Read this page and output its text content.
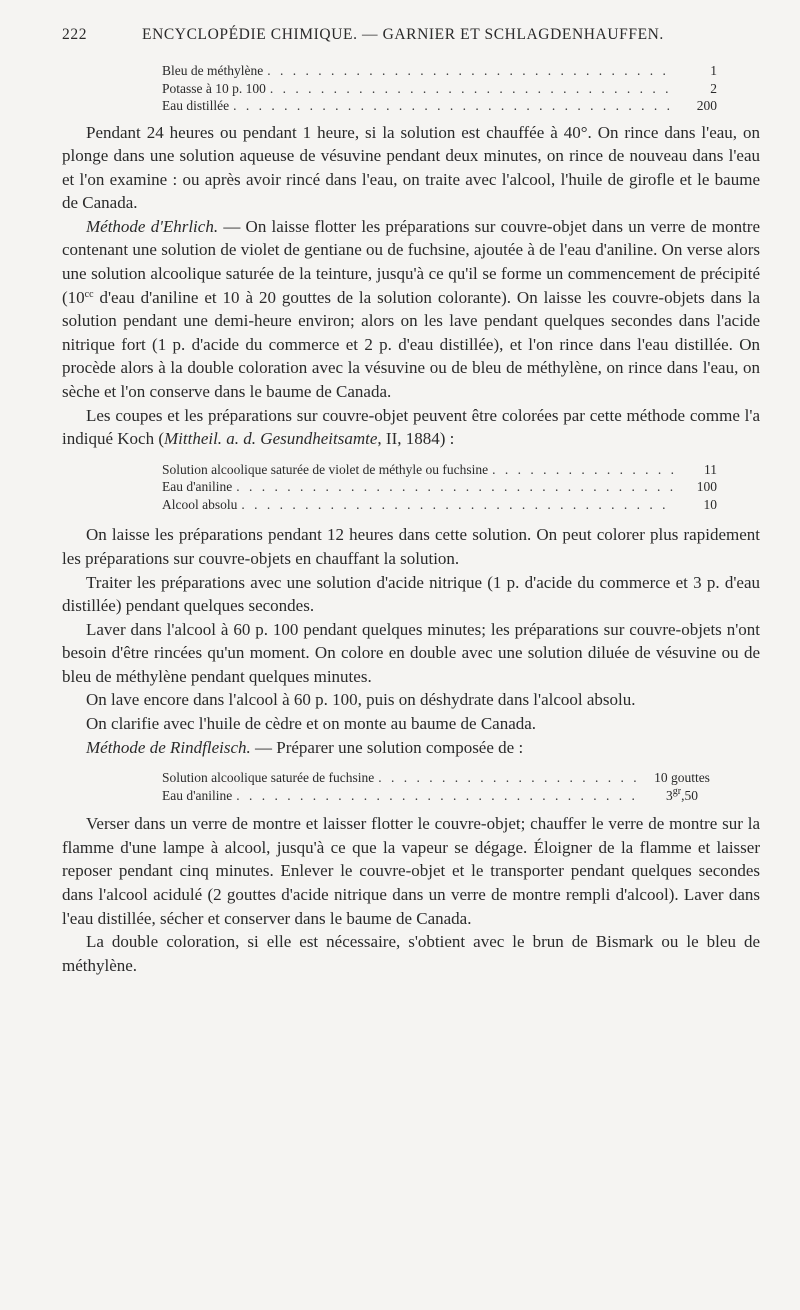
222	ENCYCLOPÉDIE CHIMIQUE. — GARNIER ET SCHLAGDENHAUFFEN.
Bleu de méthylène . . .	1
Potasse à 10 p. 100 . . .	2
Eau distillée . . .	200

Pendant 24 heures ou pendant 1 heure, si la solution est chauffée à 40°. On rince dans l'eau, on plonge dans une solution aqueuse de vésuvine pendant deux minutes, on rince de nouveau dans l'eau et l'on examine : ou après avoir rincé dans l'eau, on traite avec l'alcool, l'huile de girofle et le baume de Canada.

Méthode d'Ehrlich. — On laisse flotter les préparations sur couvre-objet dans un verre de montre contenant une solution de violet de gentiane ou de fuchsine, ajoutée à de l'eau d'aniline. On verse alors une solution alcoolique saturée de la teinture, jusqu'à ce qu'il se forme un commencement de précipité ($10^{cc}$ d'eau d'aniline et 10 à 20 gouttes de la solution colorante). On laisse les couvre-objets dans la solution pendant une demi-heure environ; alors on les lave pendant quelques secondes dans l'acide nitrique fort (1 p. d'acide du commerce et 2 p. d'eau distillée), et l'on rince dans l'eau distillée. On procède alors à la double coloration avec la vésuvine ou de bleu de méthylène, on rince dans l'eau, on sèche et l'on conserve dans le baume de Canada.

Les coupes et les préparations sur couvre-objet peuvent être colorées par cette méthode comme l'a indiqué Koch (Mittheil. a. d. Gesundheitsamte, II, 1884) :

Solution alcoolique saturée de violet de méthyle ou fuchsine . . .	11
Eau d'aniline . . .	100
Alcool absolu . . .	10

On laisse les préparations pendant 12 heures dans cette solution. On peut colorer plus rapidement les préparations sur couvre-objets en chauffant la solution.

Traiter les préparations avec une solution d'acide nitrique (1 p. d'acide du commerce et 3 p. d'eau distillée) pendant quelques secondes.

Laver dans l'alcool à 60 p. 100 pendant quelques minutes; les préparations sur couvre-objets n'ont besoin d'être rincées qu'un moment. On colore en double avec une solution diluée de vésuvine ou de bleu de méthylène pendant quelques minutes.

On lave encore dans l'alcool à 60 p. 100, puis on déshydrate dans l'alcool absolu.

On clarifie avec l'huile de cèdre et on monte au baume de Canada.

Méthode de Rindfleisch. — Préparer une solution composée de :

Solution alcoolique saturée de fuchsine . . .	10 gouttes
Eau d'aniline . . .	$3^{gr},50$

Verser dans un verre de montre et laisser flotter le couvre-objet; chauffer le verre de montre sur la flamme d'une lampe à alcool, jusqu'à ce que la vapeur se dégage. Éloigner de la flamme et laisser reposer pendant cinq minutes. Enlever le couvre-objet et le transporter pendant quelques secondes dans l'alcool acidulé (2 gouttes d'acide nitrique dans un verre de montre rempli d'alcool). Laver dans l'eau distillée, sécher et conserver dans le baume de Canada.

La double coloration, si elle est nécessaire, s'obtient avec le brun de Bismark ou le bleu de méthylène.
